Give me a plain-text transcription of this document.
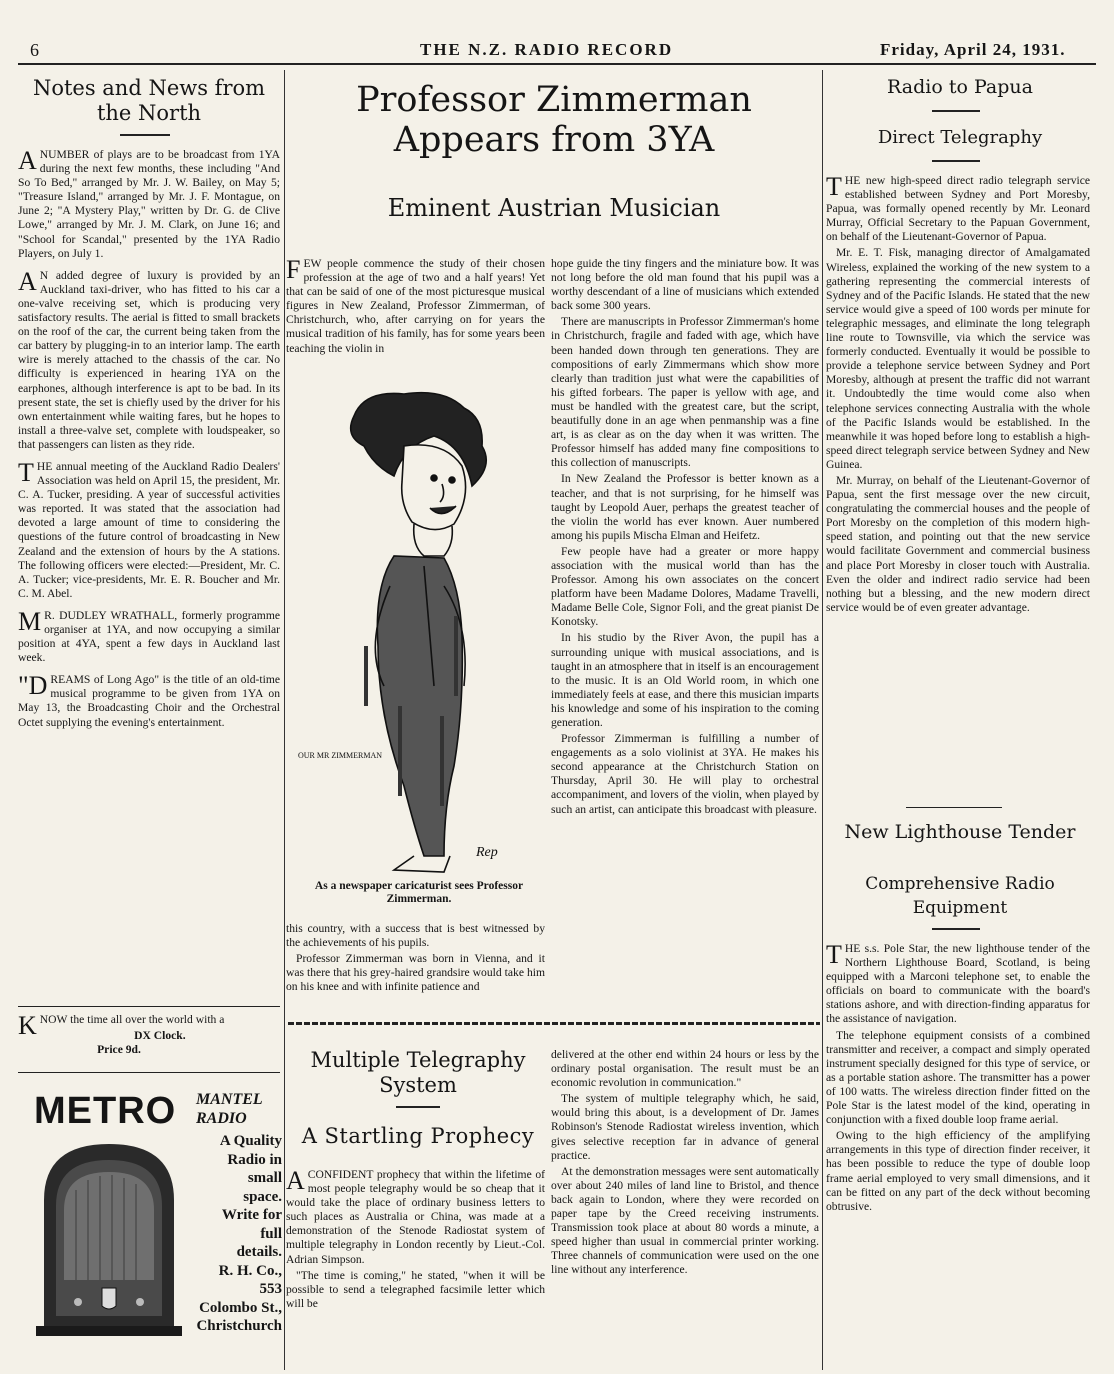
6	THE N.Z. RADIO RECORD	Friday, April 24, 1931.
Notes and News from the North

ANUMBER of plays are to be broadcast from 1YA during the next few months, these including "And So To Bed," arranged by Mr. J. W. Bailey, on May 5; "Treasure Island," arranged by Mr. J. F. Montague, on June 2; "A Mystery Play," written by Dr. G. de Clive Lowe," arranged by Mr. J. M. Clark, on June 16; and "School for Scandal," presented by the 1YA Radio Players, on July 1.

A N added degree of luxury is provided by an Auckland taxi-driver, who has fitted to his car a one-valve receiving set, which is producing very satisfactory results. The aerial is fitted to small brackets on the roof of the car, the current being taken from the car battery by plugging-in to an interior lamp. The earth wire is merely attached to the chassis of the car. No difficulty is experienced in hearing 1YA on the earphones, although interference is apt to be bad. In its present state, the set is chiefly used by the driver for his own entertainment while waiting fares, but he hopes to install a three-valve set, complete with loudspeaker, so that passengers can listen as they ride.

THE annual meeting of the Auckland Radio Dealers' Association was held on April 15, the president, Mr. C. A. Tucker, presiding. A year of successful activities was reported. It was stated that the association had devoted a large amount of time to considering the questions of the future control of broadcasting in New Zealand and the extension of hours by the A stations. The following officers were elected:—President, Mr. C. A. Tucker; vice-presidents, Mr. E. R. Boucher and Mr. C. M. Abel.

M R. DUDLEY WRATHALL, formerly programme organiser at 1YA, and now occupying a similar position at 4YA, spent a few days in Auckland last week.

"DREAMS of Long Ago" is the title of an old-time musical programme to be given from 1YA on May 13, the Broadcasting Choir and the Orchestral Octet supplying the evening's entertainment.

KNOW the time all over the world with a

DX Clock.
Price 9d.
METRO MANTEL
RADIO
A Quality
Radio in
small
space.
Write for
full
details.
R. H. Co.,
553
Colombo St.,
Christchurch
Professor Zimmerman Appears from 3YA
Eminent Austrian Musician

FEW people commence the study of their chosen profession at the age of two and a half years! Yet that can be said of one of the most picturesque musical figures in New Zealand, Professor Zimmerman, of Christchurch, who, after carrying on for years the musical tradition of his family, has for some years been teaching the violin in

OUR MR ZIMMERMAN
Rep
As a newspaper caricaturist sees Professor Zimmerman.

this country, with a success that is best witnessed by the achievements of his pupils.

Professor Zimmerman was born in Vienna, and it was there that his grey-haired grandsire would take him on his knee and with infinite patience and

hope guide the tiny fingers and the miniature bow. It was not long before the old man found that his pupil was a worthy descendant of a line of musicians which extended back some 300 years.

There are manuscripts in Professor Zimmerman's home in Christchurch, fragile and faded with age, which have been handed down through ten generations. They are compositions of early Zimmermans which show more clearly than tradition just what were the capabilities of his gifted forbears. The paper is yellow with age, and must be handled with the greatest care, but the script, beautifully done in an age when penmanship was a fine art, is as clear as on the day when it was written. The Professor himself has added many fine compositions to this collection of manuscripts.

In New Zealand the Professor is better known as a teacher, and that is not surprising, for he himself was taught by Leopold Auer, perhaps the greatest teacher of the violin the world has ever known. Auer numbered among his pupils Mischa Elman and Heifetz.

Few people have had a greater or more happy association with the musical world than has the Professor. Among his own associates on the concert platform have been Madame Dolores, Madame Travelli, Madame Belle Cole, Signor Foli, and the great pianist De Konotsky.

In his studio by the River Avon, the pupil has a surrounding unique with musical associations, and is taught in an atmosphere that in itself is an encouragement to the music. It is an Old World room, in which one immediately feels at ease, and there this musician imparts his knowledge and some of his inspiration to the coming generation.

Professor Zimmerman is fulfilling a number of engagements as a solo violinist at 3YA. He makes his second appearance at the Christchurch Station on Thursday, April 30. He will play to orchestral accompaniment, and lovers of the violin, when played by such an artist, can anticipate this broadcast with pleasure.

Multiple Telegraphy System
A Startling Prophecy

ACONFIDENT prophecy that within the lifetime of most people telegraphy would be so cheap that it would take the place of ordinary business letters to such places as Australia or China, was made at a demonstration of the Stenode Radiostat system of multiple telegraphy in London recently by Lieut.-Col. Adrian Simpson.

"The time is coming," he stated, "when it will be possible to send a telegraphed facsimile letter which will be

delivered at the other end within 24 hours or less by the ordinary postal organisation. The result must be an economic revolution in communication."

The system of multiple telegraphy which, he said, would bring this about, is a development of Dr. James Robinson's Stenode Radiostat wireless invention, which gives selective reception far in advance of general practice.

At the demonstration messages were sent automatically over about 240 miles of land line to Bristol, and thence back again to London, where they were recorded on paper tape by the Creed receiving instruments. Transmission took place at about 80 words a minute, a speed higher than usual in commercial printer working. Three channels of communication were used on the one line without any interference.

Radio to Papua
Direct Telegraphy

THE new high-speed direct radio telegraph service established between Sydney and Port Moresby, Papua, was formally opened recently by Mr. Leonard Murray, Official Secretary to the Papuan Government, on behalf of the Lieutenant-Governor of Papua.

Mr. E. T. Fisk, managing director of Amalgamated Wireless, explained the working of the new system to a gathering representing the commercial interests of Sydney and of the Pacific Islands. He stated that the new service would give a speed of 100 words per minute for telegraphic messages, and eliminate the long telegraph line route to Townsville, via which the service was formerly conducted. Eventually it would be possible to provide a telephone service between Sydney and Port Moresby, although at present the traffic did not warrant it. Undoubtedly the time would come also when telephone services connecting Australia with the whole of the Pacific Islands would be established. In the meanwhile it was hoped before long to establish a high-speed direct telegraph service between Sydney and New Guinea.

Mr. Murray, on behalf of the Lieutenant-Governor of Papua, sent the first message over the new circuit, congratulating the commercial houses and the people of Port Moresby on the completion of this modern high-speed station, and pointing out that the new service would facilitate Government and commercial business and place Port Moresby in closer touch with Australia. Even the older and indirect radio service had been nothing but a blessing, and the new modern direct service would be of even greater advantage.

New Lighthouse Tender
Comprehensive Radio Equipment

THE s.s. Pole Star, the new lighthouse tender of the Northern Lighthouse Board, Scotland, is being equipped with a Marconi telephone set, to enable the officials on board to communicate with the board's stations ashore, and with direction-finding apparatus for the assistance of navigation.

The telephone equipment consists of a combined transmitter and receiver, a compact and simply operated instrument specially designed for this type of service, or as a portable station ashore. The transmitter has a power of 100 watts. The wireless direction finder fitted on the Pole Star is the latest model of the kind, operating in conjunction with a fixed double loop frame aerial.

Owing to the high efficiency of the amplifying arrangements in this type of direction finder receiver, it has been possible to reduce the type of double loop frame aerial employed to very small dimensions, and it can be fitted on any part of the deck without becoming obtrusive.
